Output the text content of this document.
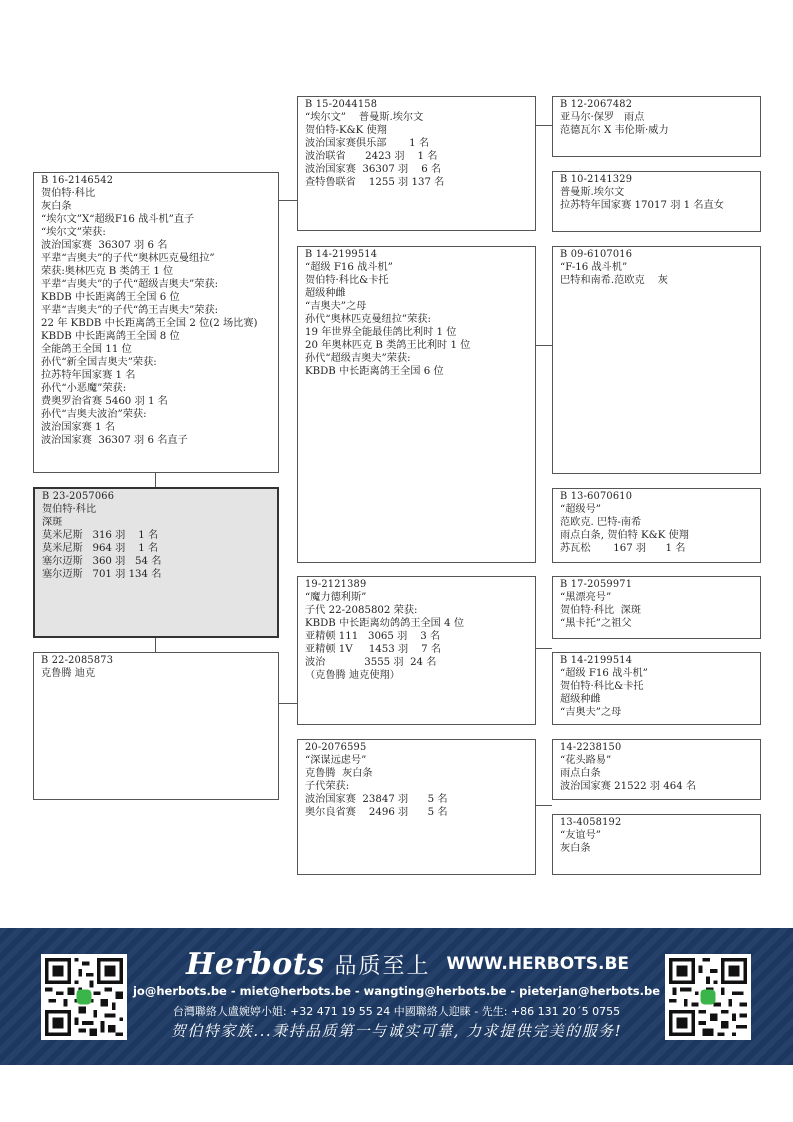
B 16-2146542
贺伯特·科比
灰白条
“埃尔文”X“超级F16 战斗机”直子
“埃尔文”荣获:
波治国家赛  36307 羽 6 名
平辈“吉奥夫”的子代“奥林匹克曼纽拉”
荣获:奥林匹克 B 类鸽王 1 位
平辈“吉奥夫”的子代“超级吉奥夫”荣获:
KBDB 中长距离鸽王全国 6 位
平辈“吉奥夫”的子代“鸽王吉奥夫”荣获:
22 年 KBDB 中长距离鸽王全国 2 位(2 场比赛)
KBDB 中长距离鸽王全国 8 位
全能鸽王全国 11 位
孙代“新全国吉奥夫”荣获:
拉苏特年国家赛 1 名
孙代“小恶魔”荣获:
费奥罗治省赛 5460 羽 1 名
孙代“吉奥夫波治”荣获:
波治国家赛 1 名
波治国家赛  36307 羽 6 名直子
B 23-2057066
贺伯特·科比
深斑
莫米尼斯   316 羽    1 名
莫米尼斯   964 羽    1 名
塞尔迈斯   360 羽   54 名
塞尔迈斯   701 羽 134 名
B 22-2085873
克鲁腾 迪克
B 15-2044158
“埃尔文”    普曼斯.埃尔文
贺伯特-K&K 使翔
波治国家赛俱乐部       1 名
波治联省      2423 羽    1 名
波治国家赛  36307 羽    6 名
查特鲁联省    1255 羽 137 名
B 14-2199514
“超级 F16 战斗机”
贺伯特·科比&卡托
超级种雌
“吉奥夫”之母
孙代“奥林匹克曼纽拉”荣获:
19 年世界全能最佳鸽比利时 1 位
20 年奥林匹克 B 类鸽王比利时 1 位
孙代“超级吉奥夫”荣获:
KBDB 中长距离鸽王全国 6 位
19-2121389
“魔力德利斯”
子代 22-2085802 荣获:
KBDB 中长距离幼鸽鸽王全国 4 位
亚精顿 111   3065 羽    3 名
亚精顿 1V     1453 羽    7 名
波治            3555 羽  24 名
（克鲁腾 迪克使翔）
20-2076595
“深谋远虑号”
克鲁腾  灰白条
子代荣获:
波治国家赛  23847 羽      5 名
奥尔良省赛    2496 羽      5 名
B 12-2067482
亚马尔·保罗   雨点
范德瓦尔 X 韦伦斯·威力
B 10-2141329
普曼斯.埃尔文
拉苏特年国家赛 17017 羽 1 名直女
B 09-6107016
“F-16 战斗机”
巴特和南希.范欧克    灰
B 13-6070610
“超级号”
范欧克. 巴特-南希
雨点白条, 贺伯特 K&K 使翔
苏瓦松       167 羽      1 名
B 17-2059971
“黑漂亮号”
贺伯特·科比  深斑
“黑卡托”之祖父
B 14-2199514
“超级 F16 战斗机”
贺伯特·科比&卡托
超级种雌
“吉奥夫”之母
14-2238150
“花头路易”
雨点白条
波治国家赛 21522 羽 464 名
13-4058192
“友谊号”
灰白条
Herbots 品质至上 WWW.HERBOTS.BE
jo@herbots.be - miet@herbots.be - wangting@herbots.be - pieterjan@herbots.be
台灣聯絡人盧婉婷小姐: +32 471 19 55 24 中國聯絡人迎睐 - 先生: +86 131 20´5 0755
贺伯特家族...秉持品质第一与诚实可靠, 力求提供完美的服务!
